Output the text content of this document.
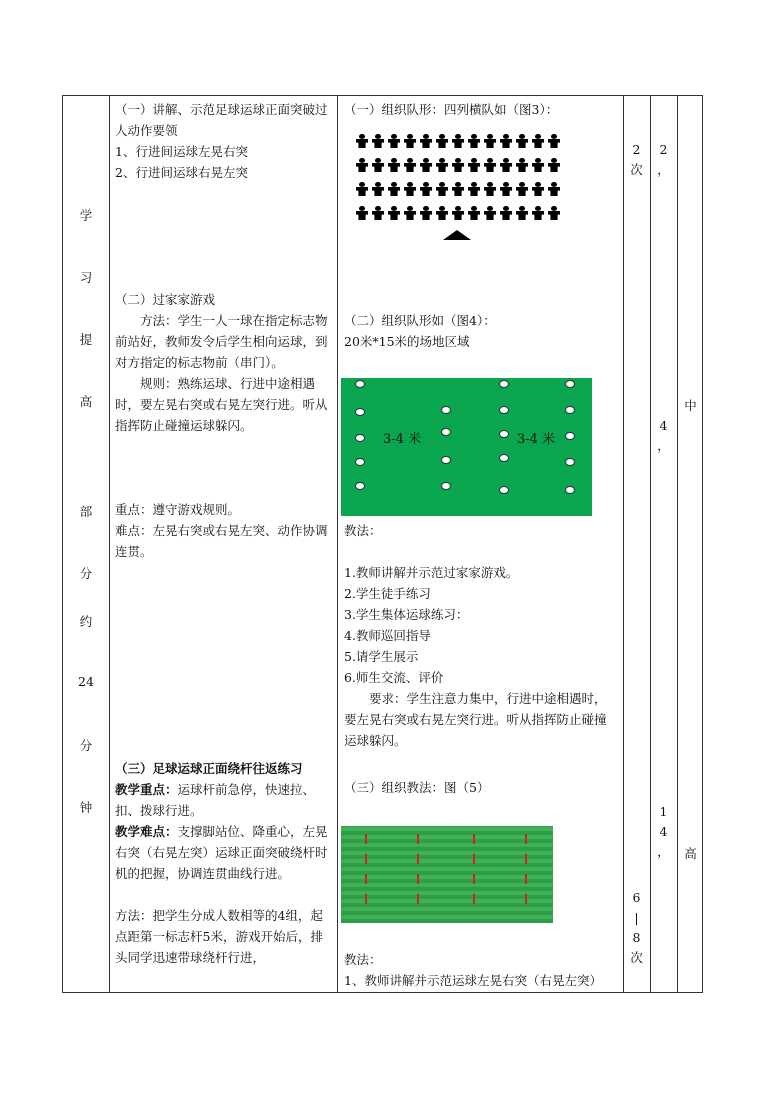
学
习
提
高
部
分
约
24
分
钟

（一）讲解、示范足球运球正面突破过人动作要领

1、行进间运球左晃右突

2、行进间运球右晃左突

（二）过家家游戏

方法：学生一人一球在指定标志物前站好，教师发令后学生相向运球，到对方指定的标志物前（串门）。

规则：熟练运球、行进中途相遇时，要左晃右突或右晃左突行进。听从指挥防止碰撞运球躲闪。

重点：遵守游戏规则。

难点：左晃右突或右晃左突、动作协调连贯。

（三）足球运球正面绕杆往返练习

教学重点：运球杆前急停，快速拉、扣、拨球行进。

教学难点：支撑脚站位、降重心，左晃右突（右晃左突）运球正面突破绕杆时机的把握，协调连贯曲线行进。

方法：把学生分成人数相等的4组，起点距第一标志杆5米，游戏开始后，排头同学迅速带球绕杆行进，

（一）组织队形：四列横队如（图3）：

（二）组织队形如（图4）：

20米*15米的场地区域

3-4 米	3-4 米

教法：

1.教师讲解并示范过家家游戏。

2.学生徒手练习

3.学生集体运球练习：

4.教师巡回指导

5.请学生展示

6.师生交流、评价

要求：学生注意力集中，行进中途相遇时，要左晃右突或右晃左突行进。听从指挥防止碰撞运球躲闪。

（三）组织教法：图（5）

教法：

1、教师讲解并示范运球左晃右突（右晃左突）

2
次
6
|
8
次
2
，
4
，
1
4
，
中
高
